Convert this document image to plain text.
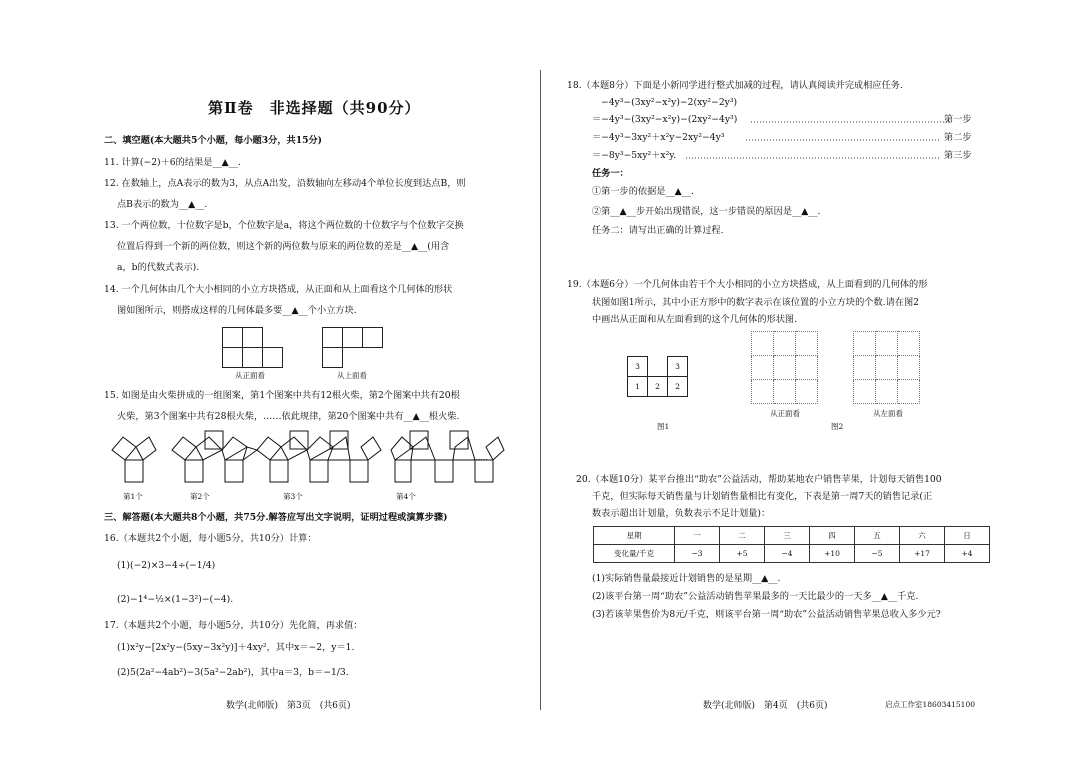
第Ⅱ卷　非选择题（共90分）
二、填空题(本大题共5个小题，每小题3分，共15分)
11. 计算(−2)＋6的结果是__▲__.
12. 在数轴上，点A表示的数为3，从点A出发，沿数轴向左移动4个单位长度到达点B，则
点B表示的数为__▲__.
13. 一个两位数，十位数字是b，个位数字是a，将这个两位数的十位数字与个位数字交换
位置后得到一个新的两位数，则这个新的两位数与原来的两位数的差是__▲__(用含
a，b的代数式表示).
14. 一个几何体由几个大小相同的小立方块搭成，从正面和从上面看这个几何体的形状
图如图所示，则搭成这样的几何体最多要__▲__个小立方块.

从正面看	从上面看
15. 如图是由火柴拼成的一组图案，第1个图案中共有12根火柴，第2个图案中共有20根
火柴，第3个图案中共有28根火柴，……依此规律，第20个图案中共有__▲__根火柴.
……
第1个	第2个	第3个	第4个
三、解答题(本大题共8个小题，共75分.解答应写出文字说明，证明过程或演算步骤)
16.（本题共2个小题，每小题5分，共10分）计算：
(1)(−2)×3−4÷(−1/4)
(2)−1⁴−½×(1−3²)−(−4).
17.（本题共2个小题，每小题5分，共10分）先化简，再求值：
(1)x²y−[2x²y−(5xy−3x²y)]＋4xy²，其中x＝−2，y＝1.
(2)5(2a²−4ab²)−3(5a²−2ab²)，其中a＝3，b＝−1/3.
数学(北师版)　第3页　(共6页)
18.（本题8分）下面是小新同学进行整式加减的过程，请认真阅读并完成相应任务.
−4y³−(3xy²−x²y)−2(xy²−2y³)
＝−4y³−(3xy²−x²y)−(2xy²−4y³)	第一步
＝−4y³−3xy²＋x²y−2xy²−4y³	第二步
＝−8y³−5xy²＋x²y.	第三步
任务一：
①第一步的依据是__▲__.
②第__▲__步开始出现错误，这一步错误的原因是__▲__.
任务二：请写出正确的计算过程.
19.（本题6分）一个几何体由若干个大小相同的小立方块搭成，从上面看到的几何体的形
状图如图1所示，其中小正方形中的数字表示在该位置的小立方块的个数.请在图2
中画出从正面和从左面看到的这个几何体的形状图.
3		3
1	2	2

从正面看	从左面看
图1	图2
20.（本题10分）某平台推出“助农”公益活动，帮助某地农户销售苹果，计划每天销售100
千克，但实际每天销售量与计划销售量相比有变化，下表是第一周7天的销售记录(正
数表示超出计划量，负数表示不足计划量)：
星期	一	二	三	四	五	六	日
变化量/千克	−3	+5	−4	+10	−5	+17	+4
(1)实际销售量最接近计划销售的是星期__▲__.
(2)该平台第一周“助农”公益活动销售苹果最多的一天比最少的一天多__▲__千克.
(3)若该苹果售价为8元/千克，则该平台第一周“助农”公益活动销售苹果总收入多少元?
数学(北师版)　第4页　(共6页)	启点工作室18603415100
